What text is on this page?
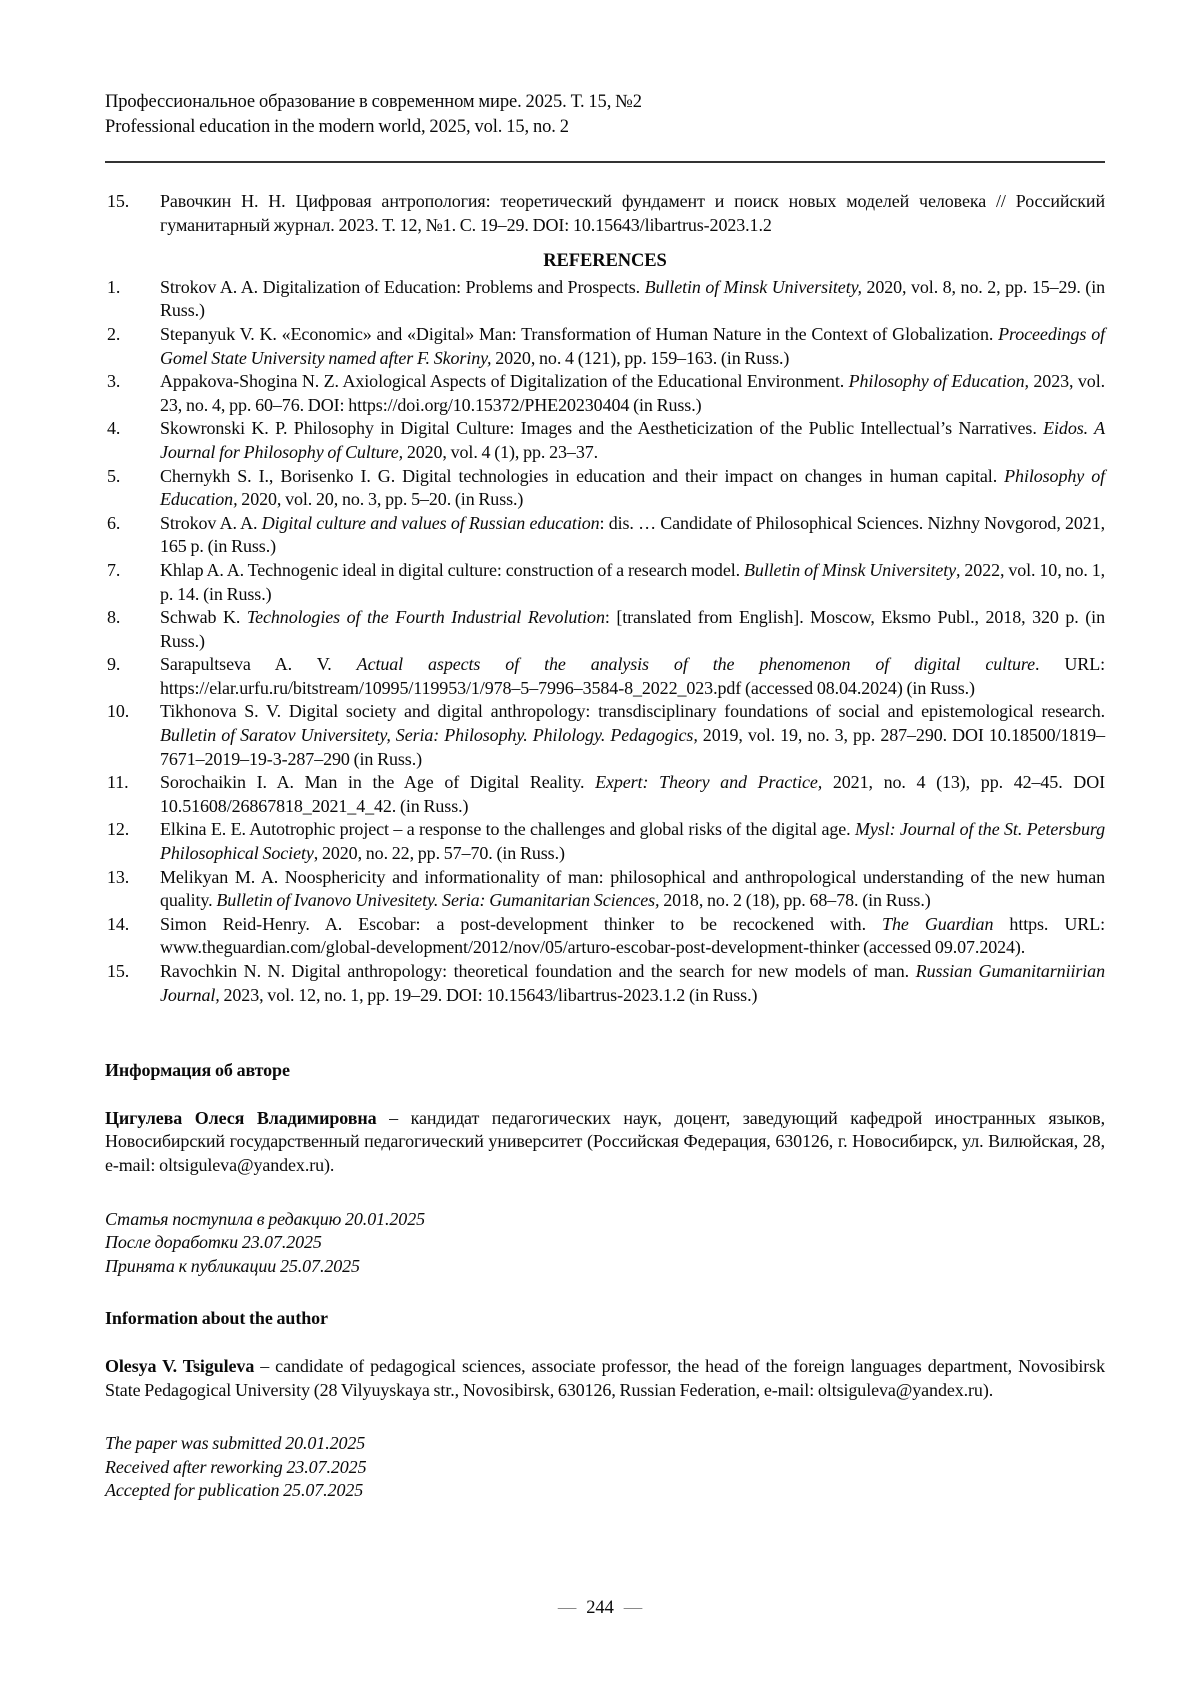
Профессиональное образование в современном мире. 2025. Т. 15, №2
Professional education in the modern world, 2025, vol. 15, no. 2
15. Равочкин Н. Н. Цифровая антропология: теоретический фундамент и поиск новых моделей человека // Российский гуманитарный журнал. 2023. Т. 12, №1. С. 19–29. DOI: 10.15643/libartrus-2023.1.2
REFERENCES
1. Strokov A. A. Digitalization of Education: Problems and Prospects. Bulletin of Minsk Universitety, 2020, vol. 8, no. 2, pp. 15–29. (in Russ.)
2. Stepanyuk V. K. «Economic» and «Digital» Man: Transformation of Human Nature in the Context of Globalization. Proceedings of Gomel State University named after F. Skoriny, 2020, no. 4 (121), pp. 159–163. (in Russ.)
3. Appakova-Shogina N. Z. Axiological Aspects of Digitalization of the Educational Environment. Philosophy of Education, 2023, vol. 23, no. 4, pp. 60–76. DOI: https://doi.org/10.15372/PHE20230404 (in Russ.)
4. Skowronski K. P. Philosophy in Digital Culture: Images and the Aestheticization of the Public Intellectual’s Narratives. Eidos. A Journal for Philosophy of Culture, 2020, vol. 4 (1), pp. 23–37.
5. Chernykh S. I., Borisenko I. G. Digital technologies in education and their impact on changes in human capital. Philosophy of Education, 2020, vol. 20, no. 3, pp. 5–20. (in Russ.)
6. Strokov A. A. Digital culture and values of Russian education: dis. … Candidate of Philosophical Sciences. Nizhny Novgorod, 2021, 165 p. (in Russ.)
7. Khlap A. A. Technogenic ideal in digital culture: construction of a research model. Bulletin of Minsk Universitety, 2022, vol. 10, no. 1, p. 14. (in Russ.)
8. Schwab K. Technologies of the Fourth Industrial Revolution: [translated from English]. Moscow, Eksmo Publ., 2018, 320 p. (in Russ.)
9. Sarapultseva A. V. Actual aspects of the analysis of the phenomenon of digital culture. URL: https://elar.urfu.ru/bitstream/10995/119953/1/978–5–7996–3584-8_2022_023.pdf (accessed 08.04.2024) (in Russ.)
10. Tikhonova S. V. Digital society and digital anthropology: transdisciplinary foundations of social and epistemological research. Bulletin of Saratov Universitety, Seria: Philosophy. Philology. Pedagogics, 2019, vol. 19, no. 3, pp. 287–290. DOI 10.18500/1819–7671–2019–19-3-287–290 (in Russ.)
11. Sorochaikin I. A. Man in the Age of Digital Reality. Expert: Theory and Practice, 2021, no. 4 (13), pp. 42–45. DOI 10.51608/26867818_2021_4_42. (in Russ.)
12. Elkina E. E. Autotrophic project – a response to the challenges and global risks of the digital age. Mysl: Journal of the St. Petersburg Philosophical Society, 2020, no. 22, pp. 57–70. (in Russ.)
13. Melikyan M. A. Noosphericity and informationality of man: philosophical and anthropological understanding of the new human quality. Bulletin of Ivanovo Univesitety. Seria: Gumanitarian Sciences, 2018, no. 2 (18), pp. 68–78. (in Russ.)
14. Simon Reid-Henry. A. Escobar: a post-development thinker to be recockened with. The Guardian https. URL: www.theguardian.com/global-development/2012/nov/05/arturo-escobar-post-development-thinker (accessed 09.07.2024).
15. Ravochkin N. N. Digital anthropology: theoretical foundation and the search for new models of man. Russian Gumanitarniirian Journal, 2023, vol. 12, no. 1, pp. 19–29. DOI: 10.15643/libartrus-2023.1.2 (in Russ.)
Информация об авторе
Цигулева Олеся Владимировна – кандидат педагогических наук, доцент, заведующий кафедрой иностранных языков, Новосибирский государственный педагогический университет (Российская Федерация, 630126, г. Новосибирск, ул. Вилюйская, 28, e-mail: oltsiguleva@yandex.ru).
Статья поступила в редакцию 20.01.2025
После доработки 23.07.2025
Принята к публикации 25.07.2025
Information about the author
Olesya V. Tsiguleva – candidate of pedagogical sciences, associate professor, the head of the foreign languages department, Novosibirsk State Pedagogical University (28 Vilyuyskaya str., Novosibirsk, 630126, Russian Federation, e-mail: oltsiguleva@yandex.ru).
The paper was submitted 20.01.2025
Received after reworking 23.07.2025
Accepted for publication 25.07.2025
— 244 —
